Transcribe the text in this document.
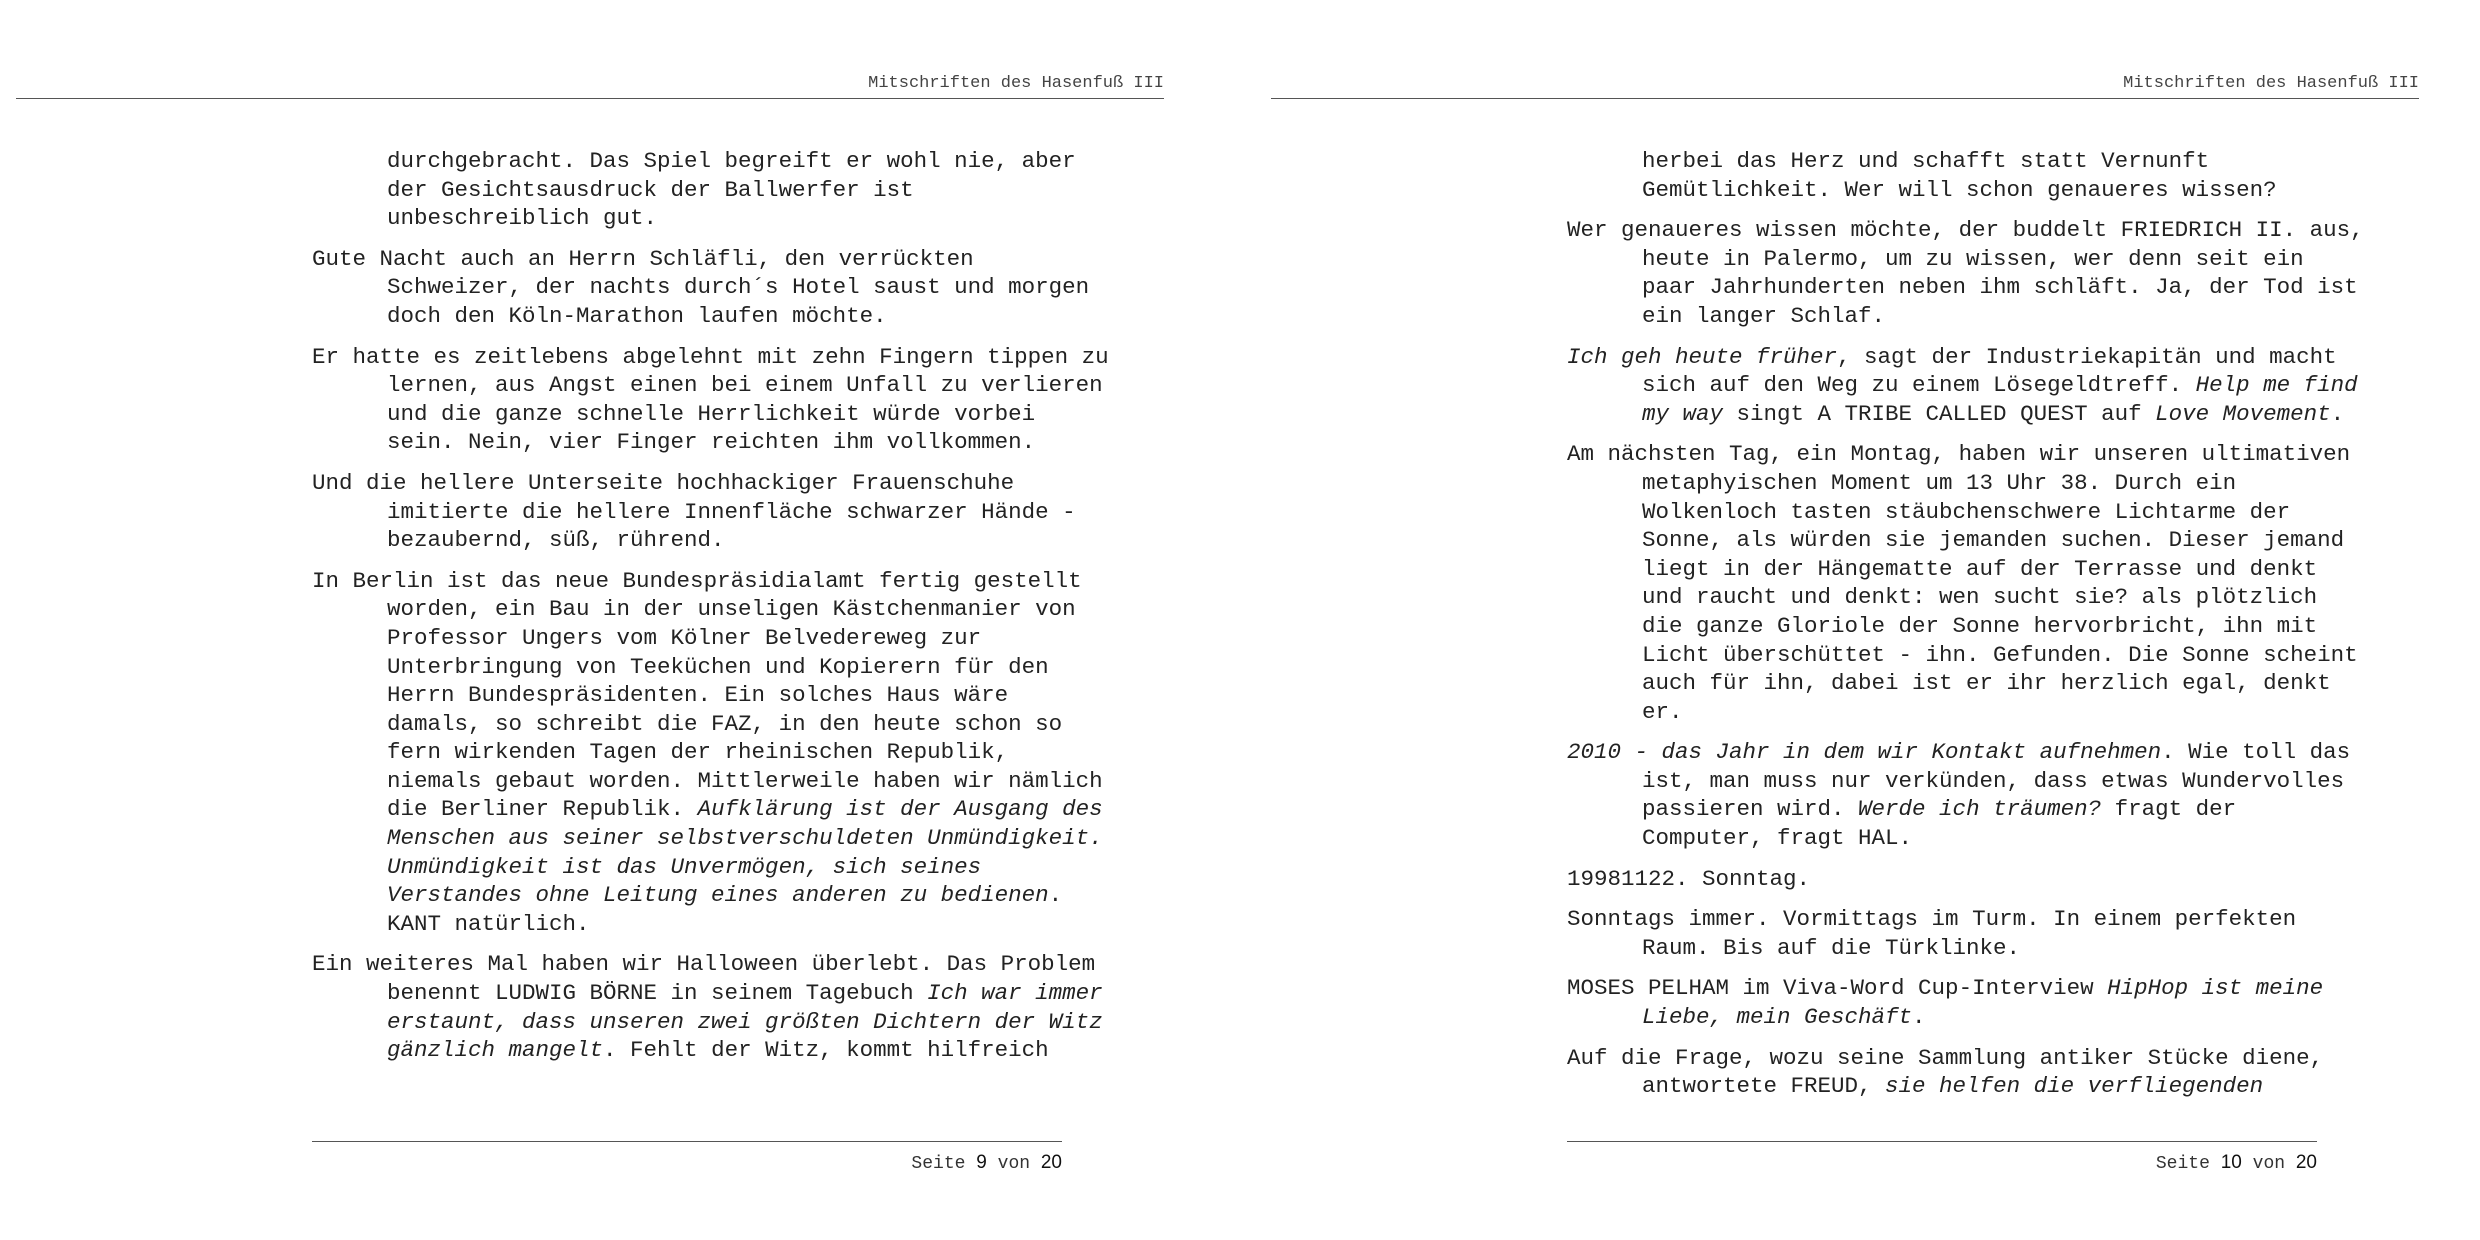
Mitschriften des Hasenfuß III

durchgebracht. Das Spiel begreift er wohl nie, aber der Gesichtsausdruck der Ballwerfer ist unbeschreiblich gut.

Gute Nacht auch an Herrn Schläfli, den verrückten Schweizer, der nachts durch´s Hotel saust und morgen doch den Köln-Marathon laufen möchte.

Er hatte es zeitlebens abgelehnt mit zehn Fingern tippen zu lernen, aus Angst einen bei einem Unfall zu verlieren und die ganze schnelle Herrlichkeit würde vorbei sein. Nein, vier Finger reichten ihm vollkommen.

Und die hellere Unterseite hochhackiger Frauenschuhe imitierte die hellere Innenfläche schwarzer Hände - bezaubernd, süß, rührend.

In Berlin ist das neue Bundespräsidialamt fertig gestellt worden, ein Bau in der unseligen Kästchenmanier von Professor Ungers vom Kölner Belvedereweg zur Unterbringung von Teeküchen und Kopierern für den Herrn Bundespräsidenten. Ein solches Haus wäre damals, so schreibt die FAZ, in den heute schon so fern wirkenden Tagen der rheinischen Republik, niemals gebaut worden. Mittlerweile haben wir nämlich die Berliner Republik. Aufklärung ist der Ausgang des Menschen aus seiner selbstverschuldeten Unmündigkeit. Unmündigkeit ist das Unvermögen, sich seines Verstandes ohne Leitung eines anderen zu bedienen. KANT natürlich.

Ein weiteres Mal haben wir Halloween überlebt. Das Problem benennt LUDWIG BÖRNE in seinem Tagebuch Ich war immer erstaunt, dass unseren zwei größten Dichtern der Witz gänzlich mangelt. Fehlt der Witz, kommt hilfreich

Seite 9 von 20
Mitschriften des Hasenfuß III

herbei das Herz und schafft statt Vernunft Gemütlichkeit. Wer will schon genaueres wissen?

Wer genaueres wissen möchte, der buddelt FRIEDRICH II. aus, heute in Palermo, um zu wissen, wer denn seit ein paar Jahrhunderten neben ihm schläft. Ja, der Tod ist ein langer Schlaf.

Ich geh heute früher, sagt der Industriekapitän und macht sich auf den Weg zu einem Lösegeldtreff. Help me find my way singt A TRIBE CALLED QUEST auf Love Movement.

Am nächsten Tag, ein Montag, haben wir unseren ultimativen metaphyischen Moment um 13 Uhr 38. Durch ein Wolkenloch tasten stäubchenschwere Lichtarme der Sonne, als würden sie jemanden suchen. Dieser jemand liegt in der Hängematte auf der Terrasse und denkt und raucht und denkt: wen sucht sie? als plötzlich die ganze Gloriole der Sonne hervorbricht, ihn mit Licht überschüttet - ihn. Gefunden. Die Sonne scheint auch für ihn, dabei ist er ihr herzlich egal, denkt er.

2010 - das Jahr in dem wir Kontakt aufnehmen. Wie toll das ist, man muss nur verkünden, dass etwas Wundervolles passieren wird. Werde ich träumen? fragt der Computer, fragt HAL.

19981122. Sonntag.

Sonntags immer. Vormittags im Turm. In einem perfekten Raum. Bis auf die Türklinke.

MOSES PELHAM im Viva-Word Cup-Interview HipHop ist meine Liebe, mein Geschäft.

Auf die Frage, wozu seine Sammlung antiker Stücke diene, antwortete FREUD, sie helfen die verfliegenden

Seite 10 von 20
